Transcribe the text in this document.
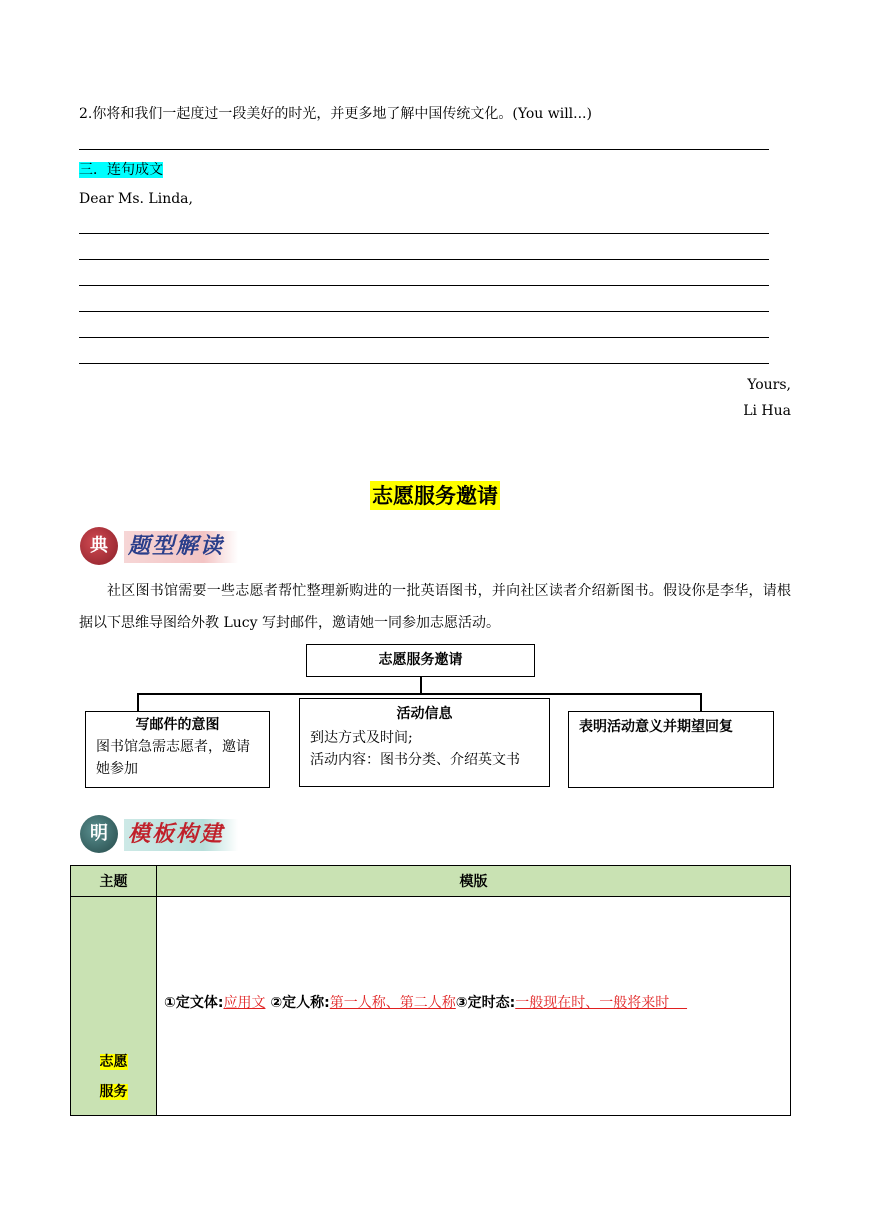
2.你将和我们一起度过一段美好的时光，并更多地了解中国传统文化。(You will...)
三．连句成文
Dear Ms. Linda,
Yours,
Li Hua
志愿服务邀请
典 题型解读
社区图书馆需要一些志愿者帮忙整理新购进的一批英语图书，并向社区读者介绍新图书。假设你是李华，请根据以下思维导图给外教 Lucy 写封邮件，邀请她一同参加志愿活动。
志愿服务邀请
写邮件的意图
图书馆急需志愿者，邀请她参加
活动信息
到达方式及时间;
活动内容：图书分类、介绍英文书
表明活动意义并期望回复
明 模板构建
主题	模版

志愿
服务	①定文体:应用文 ②定人称:第一人称、第二人称③定时态:一般现在时、一般将来时
